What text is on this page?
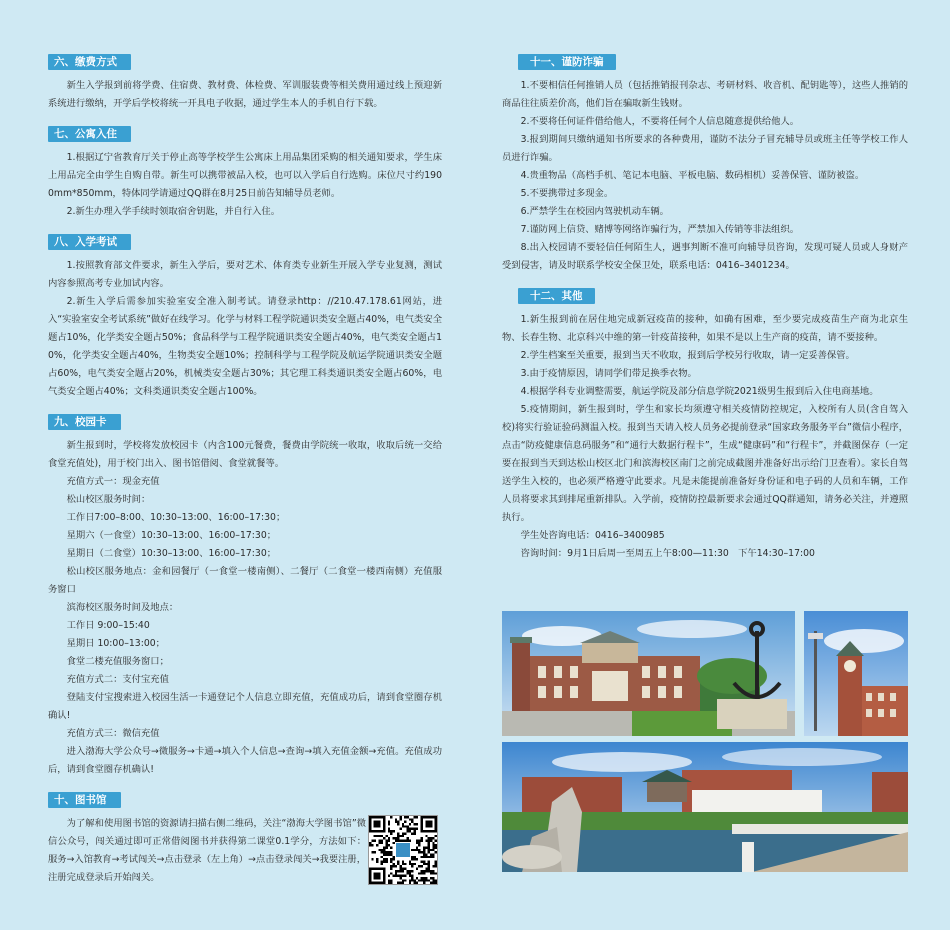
六、缴费方式

新生入学报到前将学费、住宿费、教材费、体检费、军训服装费等相关费用通过线上预迎新系统进行缴纳，开学后学校将统一开具电子收据，通过学生本人的手机自行下载。

七、公寓入住

1.根据辽宁省教育厅关于停止高等学校学生公寓床上用品集团采购的相关通知要求，学生床上用品完全由学生自购自带。新生可以携带被品入校，也可以入学后自行选购。床位尺寸约1900mm*850mm，特体同学请通过QQ群在8月25日前告知辅导员老师。

2.新生办理入学手续时领取宿舍钥匙，并自行入住。

八、入学考试

1.按照教育部文件要求，新生入学后，要对艺术、体育类专业新生开展入学专业复测，测试内容参照高考专业加试内容。

2.新生入学后需参加实验室安全准入制考试。请登录http：//210.47.178.61网站，进入“实验室安全考试系统”做好在线学习。化学与材料工程学院通识类安全题占40%，电气类安全题占10%，化学类安全题占50%；食品科学与工程学院通识类安全题占40%，电气类安全题占10%，化学类安全题占40%，生物类安全题10%；控制科学与工程学院及航运学院通识类安全题占60%，电气类安全题占20%，机械类安全题占30%；其它理工科类通识类安全题占60%，电气类安全题占40%；文科类通识类安全题占100%。

九、校园卡

新生报到时，学校将发放校园卡（内含100元餐费，餐费由学院统一收取，收取后统一交给食堂充值处)，用于校门出入、图书馆借阅、食堂就餐等。

充值方式一：现金充值

松山校区服务时间：

工作日7:00–8:00、10:30–13:00、16:00–17:30；

星期六（一食堂）10:30–13:00、16:00–17:30；

星期日（二食堂）10:30–13:00、16:00–17:30；

松山校区服务地点：金和园餐厅（一食堂一楼南侧）、二餐厅（二食堂一楼西南侧）充值服务窗口

滨海校区服务时间及地点：

工作日 9:00–15:40

星期日 10:00–13:00；

食堂二楼充值服务窗口；

充值方式二：支付宝充值

登陆支付宝搜索进入校园生活一卡通登记个人信息立即充值，充值成功后，请到食堂圈存机确认!

充值方式三：微信充值

进入渤海大学公众号→微服务→卡通→填入个人信息→查询→填入充值金额→充值。充值成功后，请到食堂圈存机确认!

十、图书馆

为了解和使用图书馆的资源请扫描右侧二维码，关注“渤海大学图书馆”微信公众号，闯关通过即可正常借阅图书并获得第二课堂0.1学分，方法如下：服务→入馆教育→考试闯关→点击登录（左上角）→点击登录闯关→我要注册，注册完成登录后开始闯关。

十一、谨防诈骗

1.不要相信任何推销人员（包括推销报刊杂志、考研材料、收音机、配钥匙等），这些人推销的商品往往质差价高，他们旨在骗取新生钱财。

2.不要将任何证件借给他人，不要将任何个人信息随意提供给他人。

3.报到期间只缴纳通知书所要求的各种费用，谨防不法分子冒充辅导员或班主任等学校工作人员进行诈骗。

4.贵重物品（高档手机、笔记本电脑、平板电脑、数码相机）妥善保管、谨防被盗。

5.不要携带过多现金。

6.严禁学生在校园内驾驶机动车辆。

7.谨防网上信贷、赌博等网络诈骗行为，严禁加入传销等非法组织。

8.出入校园请不要轻信任何陌生人，遇事判断不准可向辅导员咨询，发现可疑人员或人身财产受到侵害，请及时联系学校安全保卫处，联系电话：0416–3401234。

十二、其他

1.新生报到前在居住地完成新冠疫苗的接种，如确有困难，至少要完成疫苗生产商为北京生物、长春生物、北京科兴中维的第一针疫苗接种，如果不是以上生产商的疫苗，请不要接种。

2.学生档案至关重要，报到当天不收取，报到后学校另行收取，请一定妥善保管。

3.由于疫情原因，请同学们带足换季衣物。

4.根据学科专业调整需要，航运学院及部分信息学院2021级男生报到后入住电商基地。

5.疫情期间，新生报到时，学生和家长均须遵守相关疫情防控规定，入校所有人员(含自驾入校)将实行验证验码测温入校。报到当天请入校人员务必提前登录“国家政务服务平台”微信小程序，点击“防疫健康信息码服务”和“通行大数据行程卡”，生成“健康码”和“行程卡”，并截图保存（一定要在报到当天到达松山校区北门和滨海校区南门之前完成截图并准备好出示给门卫查看）。家长自驾送学生入校的，也必须严格遵守此要求。凡是未能提前准备好身份证和电子码的人员和车辆，工作人员将要求其到排尾重新排队。入学前，疫情防控最新要求会通过QQ群通知，请务必关注，并遵照执行。

学生处咨询电话：0416–3400985

咨询时间：9月1日后周一至周五上午8:00—11:30　下午14:30–17:00
